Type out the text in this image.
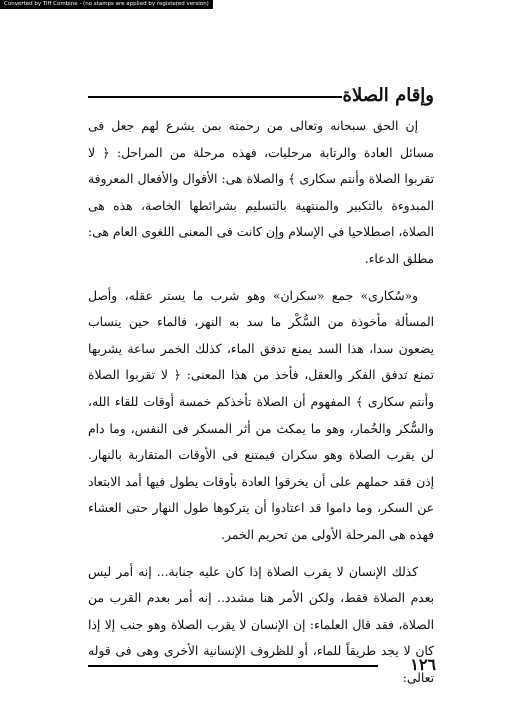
Converted by Tiff Combine - (no stamps are applied by registered version)
وإقام الصلاة

إن الحق سبحانه وتعالى من رحمته بمن يشرع لهم جعل فى مسائل العادة والرتابة مرحليات، فهذه مرحلة من المراحل: ﴿ لا تقربوا الصلاة وأنتم سكارى ﴾ والصلاة هى: الأقوال والأفعال المعروفة المبدوءة بالتكبير والمنتهية بالتسليم بشرائطها الخاصة، هذه هى الصلاة، اصطلاحيا فى الإسلام وإن كانت فى المعنى اللغوى العام هى: مطلق الدعاء.

و«سُكارى» جمع «سكران» وهو شرب ما يستر عقله، وأصل المسألة مأخوذة من السُّكْر ما سد به النهر، فالماء حين ينساب يضعون سدا، هذا السد يمنع تدفق الماء، كذلك الخمر ساعة يشربها تمنع تدفق الفكر والعقل، فأخذ من هذا المعنى: ﴿ لا تقربوا الصلاة وأنتم سكارى ﴾ المفهوم أن الصلاة تأخذكم خمسة أوقات للقاء الله، والسُّكر والخُمار، وهو ما يمكث من أثر المسكر فى النفس، وما دام لن يقرب الصلاة وهو سكران فيمتنع فى الأوقات المتقاربة بالنهار. إذن فقد حملهم على أن يخرقوا العادة بأوقات يطول فيها أمد الابتعاد عن السكر، وما داموا قد اعتادوا أن يتركوها طول النهار حتى العشاء فهذه هى المرحلة الأولى من تحريم الخمر.

كذلك الإنسان لا يقرب الصلاة إذا كان عليه جنابة... إنه أمر ليس بعدم الصلاة فقط، ولكن الأمر هنا مشدد.. إنه أمر بعدم القرب من الصلاة، فقد قال العلماء: إن الإنسان لا يقرب الصلاة وهو جنب إلا إذا كان لا يجد طريقاً للماء، أو للظروف الإنسانية الأخرى وهى فى قوله تعالى:

١٢٦
